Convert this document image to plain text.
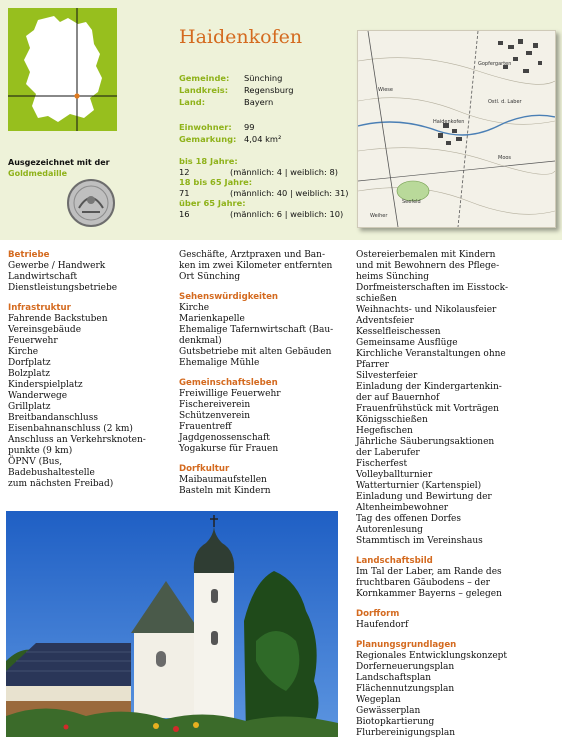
Ausgezeichnet mit der
Goldmedaille
Haidenkofen
Gemeinde: Sünching
Landkreis: Regensburg
Land:	Bayern
Einwohner: 99
Gemarkung: 4,04 km²
bis 18 Jahre:
12	(männlich: 4 | weiblich: 8)
18 bis 65 Jahre:
71	(männlich: 40 | weiblich: 31)
über 65 Jahre:
16	(männlich: 6 | weiblich: 10)
Gopfergarten
Haidenkofen
Seefeld
Ostl. d. Laber
Moos
Wiese
Weiher
Betriebe
Gewerbe / Handwerk
Landwirtschaft
Dienstleistungsbetriebe
Infrastruktur
Fahrende Backstuben
Vereinsgebäude
Feuerwehr
Kirche
Dorfplatz
Bolzplatz
Kinderspielplatz
Wanderwege
Grillplatz
Breitbandanschluss
Eisenbahnanschluss (2 km)
Anschluss an Verkehrsknoten-
punkte (9 km)
ÖPNV (Bus, Badebushaltestelle
zum nächsten Freibad)
Geschäfte, Arztpraxen und Ban-
ken im zwei Kilometer entfernten
Ort Sünching
Sehenswürdigkeiten
Kirche
Marienkapelle
Ehemalige Tafernwirtschaft (Bau-
denkmal)
Gutsbetriebe mit alten Gebäuden
Ehemalige Mühle
Gemeinschaftsleben
Freiwillige Feuerwehr
Fischereiverein
Schützenverein
Frauentreff
Jagdgenossenschaft
Yogakurse für Frauen
Dorfkultur
Maibaumaufstellen
Basteln mit Kindern
Ostereierbemalen mit Kindern
und mit Bewohnern des Pflege-
heims Sünching
Dorfmeisterschaften im Eisstock-
schießen
Weihnachts- und Nikolausfeier
Adventsfeier
Kesselfleischessen
Gemeinsame Ausflüge
Kirchliche Veranstaltungen ohne
Pfarrer
Silvesterfeier
Einladung der Kindergartenkin-
der auf Bauernhof
Frauenfrühstück mit Vorträgen
Königsschießen
Hegefischen
Jährliche Säuberungsaktionen
der Laberufer
Fischerfest
Volleyballturnier
Watterturnier (Kartenspiel)
Einladung und Bewirtung der
Altenheimbewohner
Tag des offenen Dorfes
Autorenlesung
Stammtisch im Vereinshaus
Landschaftsbild
Im Tal der Laber, am Rande des
fruchtbaren Gäubodens – der
Kornkammer Bayerns – gelegen
Dorfform
Haufendorf
Planungsgrundlagen
Regionales Entwicklungskonzept
Dorferneuerungsplan
Landschaftsplan
Flächennutzungsplan
Wegeplan
Gewässerplan
Biotopkartierung
Flurbereinigungsplan
